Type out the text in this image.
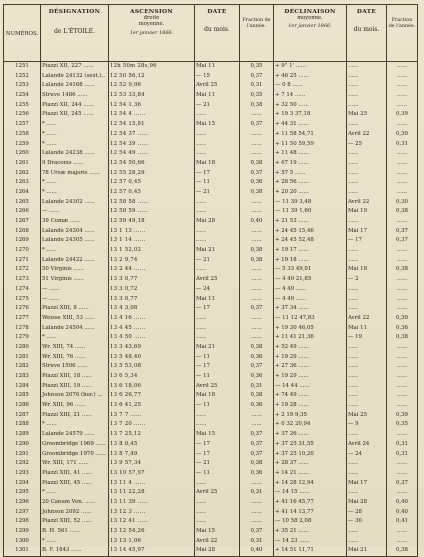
NUMÉROS.	DÉSIGNATION
de L'ÉTOILE.	ASCENSION
droite
moyenne.
1er janvier 1866.	DATE
du mois.	Fraction de l'année.	DÉCLINAISON
moyenne.
1er janvier 1866.	DATE
du mois.	Fraction de l'année.

1251	Piazzi XII, 227 ......	12h 50m 28s,96	Mai 11	0,35	+ 9° 1' ......	......	......
1252	Lalande 24132 (sext.)..	12 50 56,12	— 15	0,37	+ 46 25 ......	......	......
1253	Lalande 24168 ......	12 52 9,96	Avril 25	0,31	— 0 8 ......	......	......
1254	Struve 1486 ......	12 53 33,84	Mai 11	0,35	+ 7 14 ......	......	......
1255	Piazzi XII, 244 ......	12 54 1,36	— 21	0,38	+ 32 50 ......	......	......
1256	Piazzi XII, 245 ......	12 54 4 ......	......	......	+ 19 3 37,18	Mai 25	0,39
1257	* ......	12 54 15,81	Mai 15	0,37	+ 44 31 ......	......	......
1258	* ......	12 54 37 ......	......	......	+ 11 58 54,71	Avril 22	0,30
1259	* ......	12 54 39 ......	......	......	+ 11 50 59,59	— 25	0,31
1260	Lalande 24238 ......	12 54 49 ......	......	......	+ 11 48 ......	......	......
1261	9 Draconis ......	12 54 50,66	Mai 18	0,38	+ 67 19 ......	......	......
1262	78 Ursæ majoris ......	12 55 28,29	— 17	0,37	+ 57 5 ......	......	......
1263	* ......	12 57 0,45	— 11	0,36	+ 28 56 ......	......	......
1264	* ......	12 57 0,45	— 21	0,38	+ 20 20 ......	......	......
1265	Lalande 24302 ......	12 58 58 ......	......	......	— 11 39 3,48	Avril 22	0,30
1266	— ......	12 58 59 ......	......	......	— 11 39 1,60	Mai 19	0,38
1267	39 Comæ ......	12 59 49,18	Mai 28	0,40	+ 21 53 ......	......	......
1268	Lalande 24304 ......	13 1 13 ......	......	......	+ 24 45 15,46	Mai 17	0,37
1269	Lalande 24305 ......	13 1 14 ......	......	......	+ 24 45 52,48	— 17	0,37
1270	* ......	13 1 52,02	Mai 21	0,38	+ 19 17 ......	......	......
1271	Lalande 24422 ......	13 2 9,74	— 21	0,38	+ 19 18 ......	......	......
1272	50 Virginis ......	13 2 44 ......	......	......	— 5 33 49,01	Mai 18	0,38
1273	51 Virginis ......	13 3 0,77	Avril 25	......	— 4 49 21,85	— 2	......
1274	— ......	13 3 0,72	— 24	......	— 4 49 ......	......	......
1275	— ......	13 3 0,77	Mai 11	......	— 4 49 ......	......	......
1276	Piazzi XIII, 8 ......	13 4 3,08	— 17	0,37	+ 37 34 ......	......	......
1277	Weisse XIII, 53 ......	13 4 16 ......	......	......	— 11 12 47,83	Avril 22	0,30
1278	Lalande 24504 ......	13 4 45 ......	......	......	+ 19 30 46,05	Mai 11	0,36
1279	* ......	13 4 50 ......	......	......	+ 11 41 21,36	— 19	0,38
1280	Wr. XIII, 74 ......	13 3 43,69	Mai 21	0,38	+ 52 49 ......	......	......
1281	Wr. XIII, 76 ......	13 5 48,40	— 11	0,36	+ 19 29 ......	......	......
1282	Struve 1506 ......	13 5 53,08	— 17	0,37	+ 27 36 ......	......	......
1283	Piazzi XIII, 18 ......	13 6 5,34	— 11	0,36	+ 19 29 ......	......	......
1284	Piazzi XIII, 19 ......	13 6 18,06	Avril 25	0,31	— 14 44 ......	......	......
1285	Johnson 2076 (hor.) ...	13 6 26,77	Mai 18	0,38	+ 74 49 ......	......	......
1286	Wr. XIII, 96 ......	13 6 41,25	— 11	0,36	+ 19 28 ......	......	......
1287	Piazzi XIII, 21 ......	13 7 7 ......	......	......	+ 2 19 9,35	Mai 25	0,39
1288	* ......	13 7 20 ......	......	......	+ 0 32 20,94	— 9	0,35
1289	Lalande 24579 ......	13 7 25,12	Mai 15	0,37	+ 37 26 ......	......	......
1290	Groombridge 1969 ......	13 8 0,45	— 17	0,37	+ 37 25 31,55	Avril 24	0,31
1291	Groombridge 1970 ......	13 8 7,49	— 17	0,37	+ 37 25 10,20	— 24	0,31
1292	Wr. XIII, 171 ......	13 9 57,34	— 21	0,38	+ 28 37 ......	......	......
1293	Piazzi XIII, 41 ......	13 10 57,97	— 11	0,36	+ 14 21 ......	......	......
1294	Piazzi XIII, 45 ......	13 11 4 ......	......	......	+ 14 28 12,94	Mai 17	0,37
1295	* ......	13 11 22,28	Avril 25	0,31	— 14 15 ......	......	......
1296	20 Canum Ven. ......	13 11 39 ......	......	......	+ 41 16 45,77	Mai 28	0,40
1297	Johnson 2092 ......	13 12 3 ......	......	......	+ 41 14 13,77	— 28	0,40
1298	Piazzi XIII, 52 ......	13 12 41 ......	......	......	— 10 58 2,08	— 30	0,41
1299	B. H. 561 ......	13 12 54,26	Mai 15	0,37	+ 35 21 ......	......	......
1300	* ......	13 13 1,06	Avril 22	0,31	— 14 23 ......	......	......
1301	B. F. 1843 ......	13 14 45,97	Mai 28	0,40	+ 14 51 11,71	Mai 21	0,38
